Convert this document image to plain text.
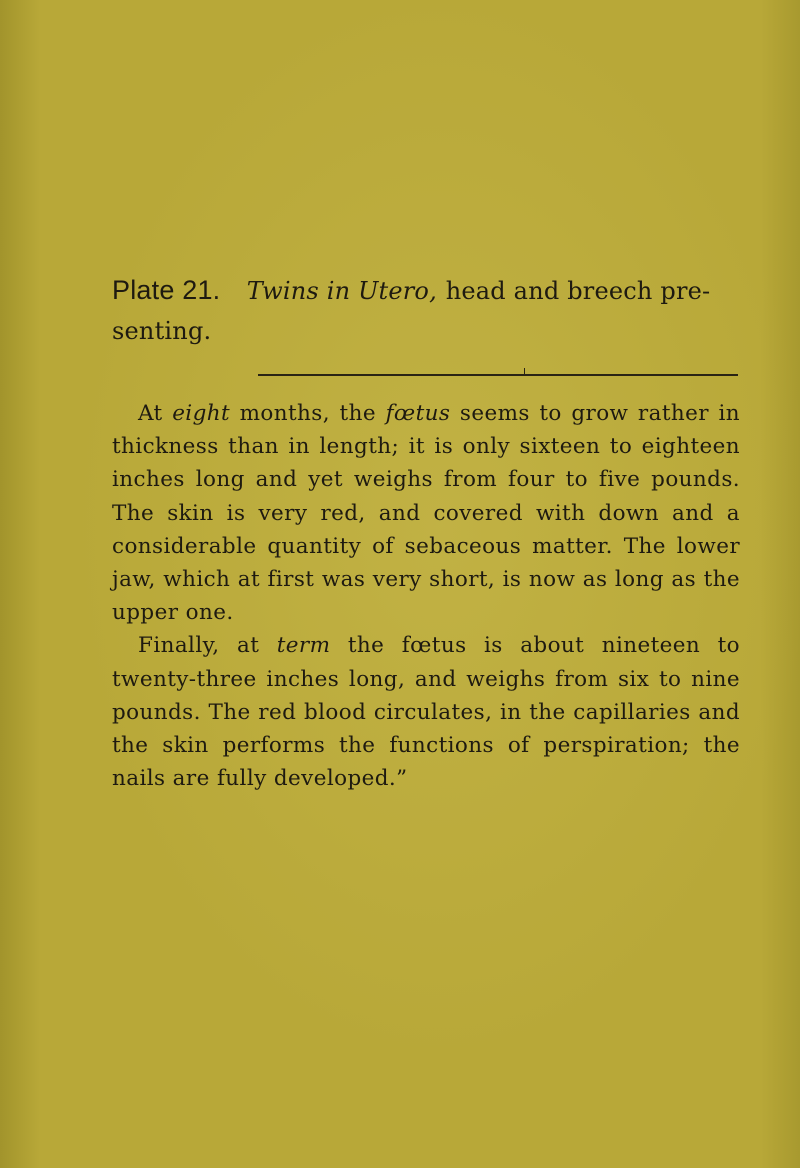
Plate 21. Twins in Utero, head and breech pre-
senting.

At eight months, the fœtus seems to grow rather in thickness than in length; it is only sixteen to eighteen inches long and yet weighs from four to five pounds. The skin is very red, and covered with down and a considerable quantity of sebaceous matter. The lower jaw, which at first was very short, is now as long as the upper one.

Finally, at term the fœtus is about nineteen to twenty-three inches long, and weighs from six to nine pounds. The red blood circulates, in the capillaries and the skin performs the functions of perspiration; the nails are fully developed.”
